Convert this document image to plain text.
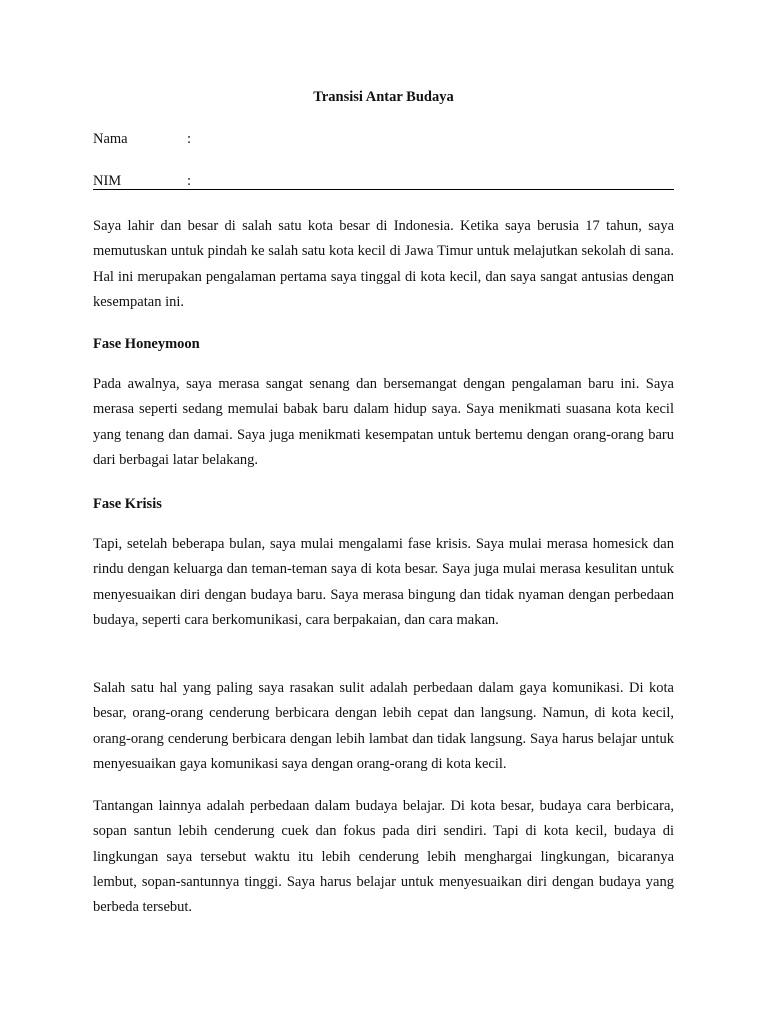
Transisi Antar Budaya
Nama	:
NIM	:

Saya lahir dan besar di salah satu kota besar di Indonesia. Ketika saya berusia 17 tahun, saya memutuskan untuk pindah ke salah satu kota kecil di Jawa Timur untuk melajutkan sekolah di sana. Hal ini merupakan pengalaman pertama saya tinggal di kota kecil, dan saya sangat antusias dengan kesempatan ini.

Fase Honeymoon

Pada awalnya, saya merasa sangat senang dan bersemangat dengan pengalaman baru ini. Saya merasa seperti sedang memulai babak baru dalam hidup saya. Saya menikmati suasana kota kecil yang tenang dan damai. Saya juga menikmati kesempatan untuk bertemu dengan orang-orang baru dari berbagai latar belakang.

Fase Krisis

Tapi, setelah beberapa bulan, saya mulai mengalami fase krisis. Saya mulai merasa homesick dan rindu dengan keluarga dan teman-teman saya di kota besar. Saya juga mulai merasa kesulitan untuk menyesuaikan diri dengan budaya baru. Saya merasa bingung dan tidak nyaman dengan perbedaan budaya, seperti cara berkomunikasi, cara berpakaian, dan cara makan.

Salah satu hal yang paling saya rasakan sulit adalah perbedaan dalam gaya komunikasi. Di kota besar, orang-orang cenderung berbicara dengan lebih cepat dan langsung. Namun, di kota kecil, orang-orang cenderung berbicara dengan lebih lambat dan tidak langsung. Saya harus belajar untuk menyesuaikan gaya komunikasi saya dengan orang-orang di kota kecil.

Tantangan lainnya adalah perbedaan dalam budaya belajar. Di kota besar, budaya cara berbicara, sopan santun lebih cenderung cuek dan fokus pada diri sendiri. Tapi di kota kecil, budaya di lingkungan saya tersebut waktu itu lebih cenderung lebih menghargai lingkungan, bicaranya lembut, sopan-santunnya tinggi. Saya harus belajar untuk menyesuaikan diri dengan budaya yang berbeda tersebut.
